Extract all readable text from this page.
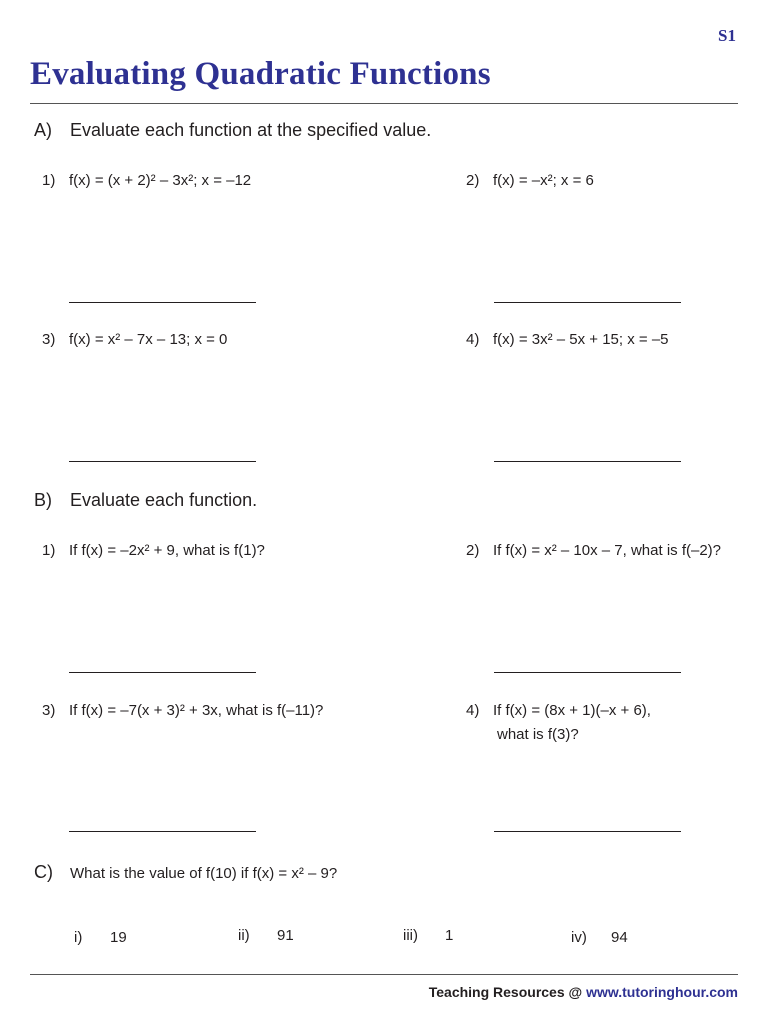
S1
Evaluating Quadratic Functions
A) Evaluate each function at the specified value.
1) f(x) = (x + 2)² – 3x²; x = –12	2) f(x) = –x²; x = 6
3) f(x) = x² – 7x – 13; x = 0	4) f(x) = 3x² – 5x + 15; x = –5
B) Evaluate each function.
1) If f(x) = –2x² + 9, what is f(1)?	2) If f(x) = x² – 10x – 7, what is f(–2)?
3) If f(x) = –7(x + 3)² + 3x, what is f(–11)?	4) If f(x) = (8x + 1)(–x + 6),
what is f(3)?
C) What is the value of f(10) if f(x) = x² – 9?
i) 19	ii) 91	iii) 1	iv) 94
Teaching Resources @ www.tutoringhour.com
